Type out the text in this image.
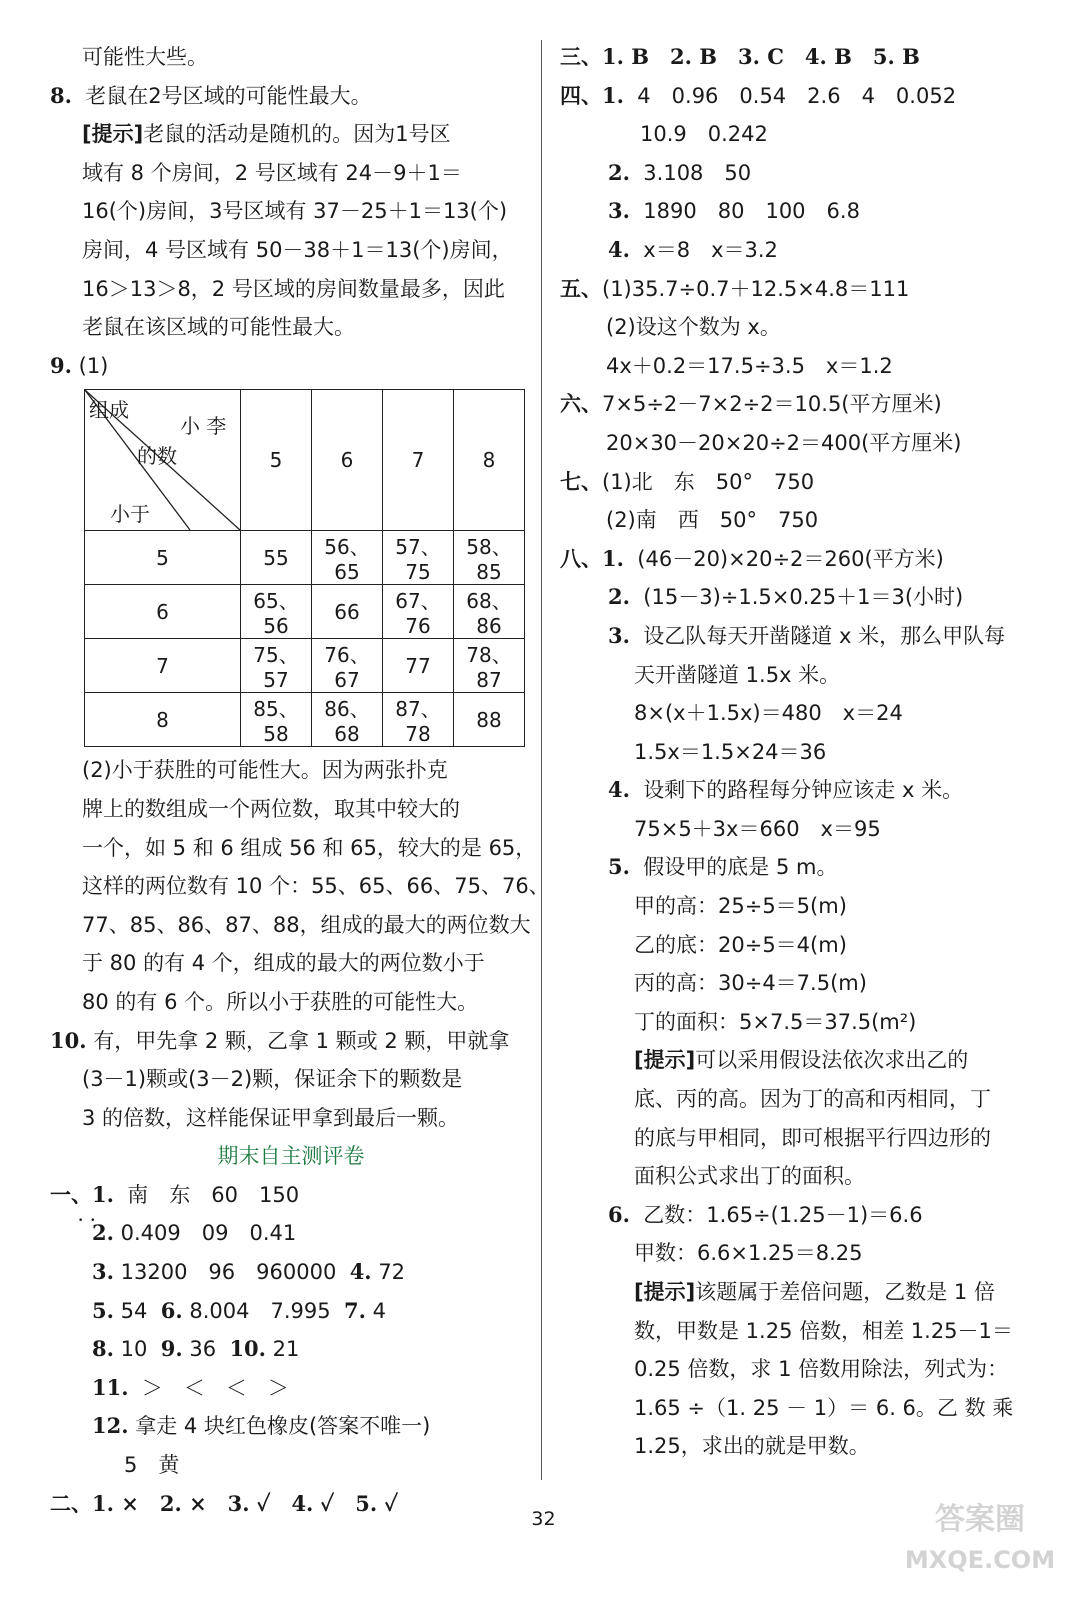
可能性大些。
8. 老鼠在2号区域的可能性最大。
[提示]老鼠的活动是随机的。因为1号区
域有 8 个房间，2 号区域有 24－9＋1＝
16(个)房间，3号区域有 37－25＋1＝13(个)
房间，4 号区域有 50－38＋1＝13(个)房间，
16＞13＞8，2 号区域的房间数量最多，因此
老鼠在该区域的可能性最大。
9. (1)
小 李
组成
的数
小于	5	6	7	8
5	55	56、65	57、75	58、85
6	65、56	66	67、76	68、86
7	75、57	76、67	77	78、87
8	85、58	86、68	87、78	88
(2)小于获胜的可能性大。因为两张扑克
牌上的数组成一个两位数，取其中较大的
一个，如 5 和 6 组成 56 和 65，较大的是 65，
这样的两位数有 10 个：55、65、66、75、76、
77、85、86、87、88，组成的最大的两位数大
于 80 的有 4 个，组成的最大的两位数小于
80 的有 6 个。所以小于获胜的可能性大。
10. 有，甲先拿 2 颗，乙拿 1 颗或 2 颗，甲就拿
(3－1)颗或(3－2)颗，保证余下的颗数是
3 的倍数，这样能保证甲拿到最后一颗。
期末自主测评卷
一、1. 南　东　60　150
• • 2. 0.409　09　0.41
3. 13200　96　960000 4. 72
5. 54 6. 8.004　7.995 7. 4
8. 10 9. 36 10. 21
11. ＞　＜　＜　＞
12. 拿走 4 块红色橡皮(答案不唯一)
5　黄
二、1. ×　2. ×　3. ✓　4. ✓　5. ✓
三、1. B　2. B　3. C　4. B　5. B
四、1. 4　0.96　0.54　2.6　4　0.052
10.9　0.242
2. 3.108　50
3. 1890　80　100　6.8
4. x＝8　x＝3.2
五、(1)35.7÷0.7＋12.5×4.8＝111
(2)设这个数为 x。
4x＋0.2＝17.5÷3.5　x＝1.2
六、7×5÷2－7×2÷2＝10.5(平方厘米)
20×30－20×20÷2＝400(平方厘米)
七、(1)北　东　50°　750
(2)南　西　50°　750
八、1. (46－20)×20÷2＝260(平方米)
2. (15－3)÷1.5×0.25＋1＝3(小时)
3. 设乙队每天开凿隧道 x 米，那么甲队每
天开凿隧道 1.5x 米。
8×(x＋1.5x)＝480　x＝24
1.5x＝1.5×24＝36
4. 设剩下的路程每分钟应该走 x 米。
75×5＋3x＝660　x＝95
5. 假设甲的底是 5 m。
甲的高：25÷5＝5(m)
乙的底：20÷5＝4(m)
丙的高：30÷4＝7.5(m)
丁的面积：5×7.5＝37.5(m²)
[提示]可以采用假设法依次求出乙的
底、丙的高。因为丁的高和丙相同，丁
的底与甲相同，即可根据平行四边形的
面积公式求出丁的面积。
6. 乙数：1.65÷(1.25－1)＝6.6
甲数：6.6×1.25＝8.25
[提示]该题属于差倍问题，乙数是 1 倍
数，甲数是 1.25 倍数，相差 1.25－1＝
0.25 倍数，求 1 倍数用除法，列式为：
1.65 ÷（1. 25 － 1）＝ 6. 6。乙 数 乘
1.25，求出的就是甲数。
32	答案圈
MXQE.COM
